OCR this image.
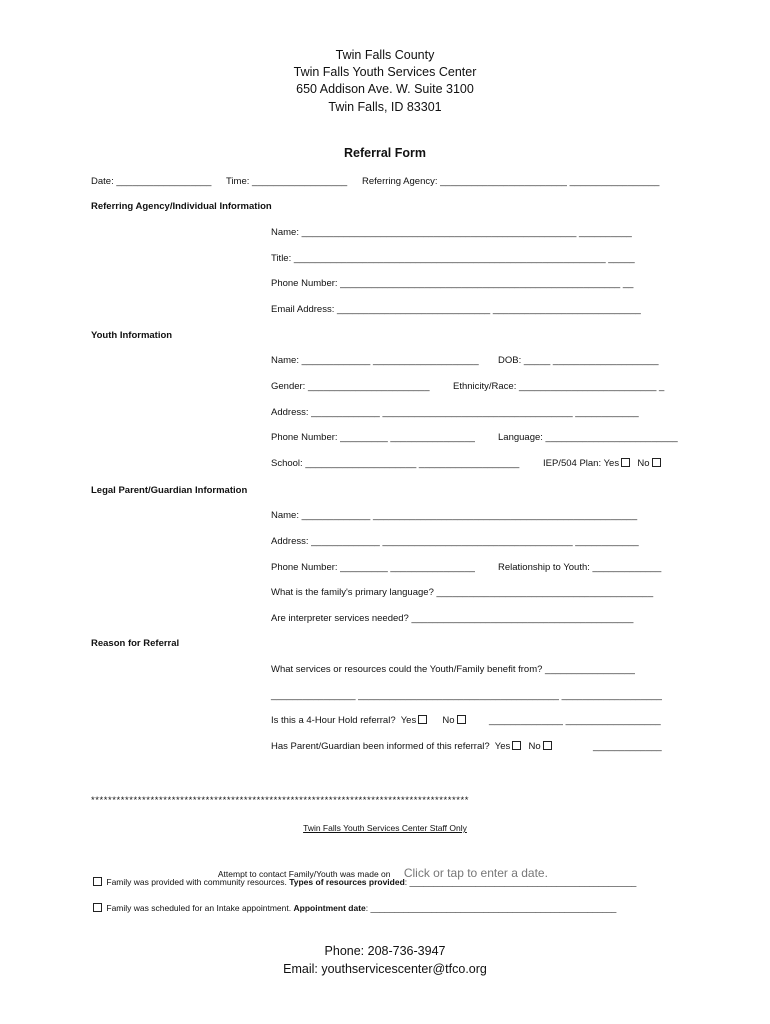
Twin Falls County
Twin Falls Youth Services Center
650 Addison Ave. W. Suite 3100
Twin Falls, ID 83301
Referral Form
Date: __________________ Time: __________________ Referring Agency: ________________________ _________________
Referring Agency/Individual Information
Name: ____________________________________________________ __________
Title: ___________________________________________________________ _____
Phone Number: _____________________________________________________ __
Email Address: _____________________________ ____________________________
Youth Information
Name: _____________ ____________________ DOB: _____ ____________________
Gender: _______________________ Ethnicity/Race: __________________________ _
Address: _____________ ____________________________________ ____________
Phone Number: _________ ________________ Language: _________________________
School: _____________________ ___________________ IEP/504 Plan: Yes No
Legal Parent/Guardian Information
Name: _____________ __________________________________________________
Address: _____________ ____________________________________ ____________
Phone Number: _________ ________________ Relationship to Youth: _____________
What is the family's primary language? _________________________________________
Are interpreter services needed? __________________________________________
Reason for Referral
What services or resources could the Youth/Family benefit from? _________________
________________ ______________________________________ ___________________
Is this a 4-Hour Hold referral? Yes	No	______________ __________________
Has Parent/Guardian been informed of this referral? Yes No	_____________
*****************************************************************************************
Twin Falls Youth Services Center Staff Only

Attempt to contact Family/Youth was made on Click or tap to enter a date.

Family was provided with community resources. Types of resources provided: ________________________________________________
Family was scheduled for an Intake appointment. Appointment date: ____________________________________________________
Phone: 208-736-3947
Email: youthservicescenter@tfco.org
